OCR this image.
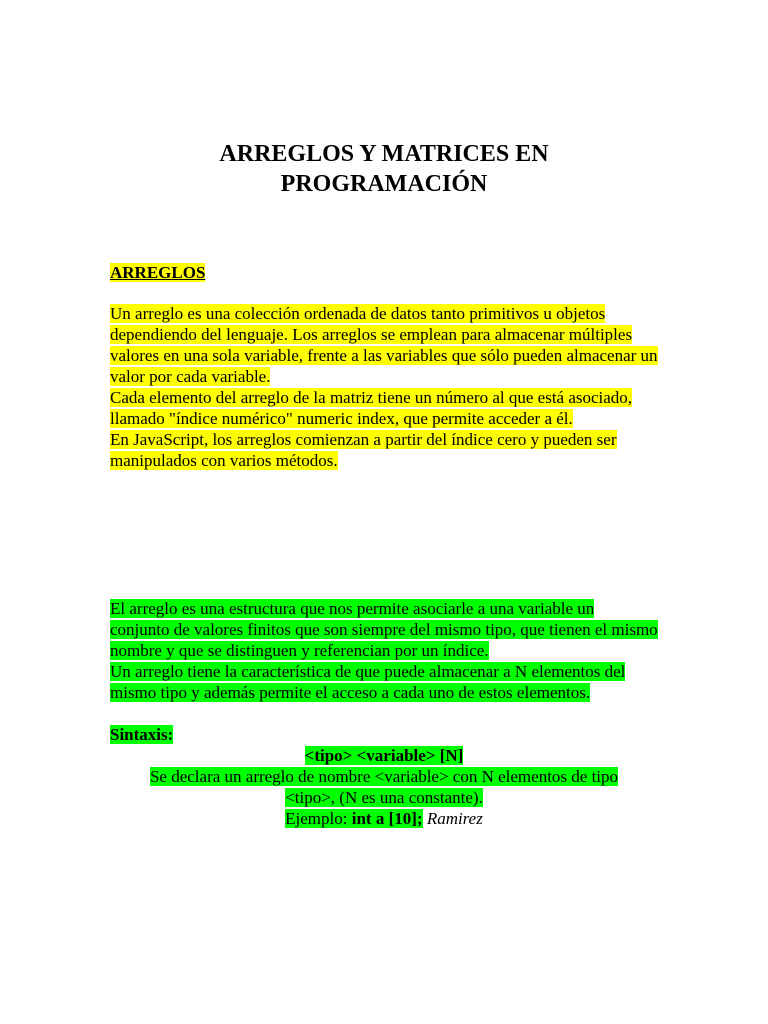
ARREGLOS Y MATRICES EN
PROGRAMACIÓN

ARREGLOS

Un arreglo es una colección ordenada de datos tanto primitivos u objetos dependiendo del lenguaje. Los arreglos se emplean para almacenar múltiples valores en una sola variable, frente a las variables que sólo pueden almacenar un valor por cada variable.

Cada elemento del arreglo de la matriz tiene un número al que está asociado, llamado "índice numérico" numeric index, que permite acceder a él.

En JavaScript, los arreglos comienzan a partir del índice cero y pueden ser manipulados con varios métodos.

El arreglo es una estructura que nos permite asociarle a una variable un conjunto de valores finitos que son siempre del mismo tipo, que tienen el mismo nombre y que se distinguen y referencian por un índice.

Un arreglo tiene la característica de que puede almacenar a N elementos del mismo tipo y además permite el acceso a cada uno de estos elementos.

Sintaxis:

<tipo> <variable> [N]

Se declara un arreglo de nombre <variable> con N elementos de tipo

<tipo>, (N es una constante).

Ejemplo: int a [10]; Ramirez
